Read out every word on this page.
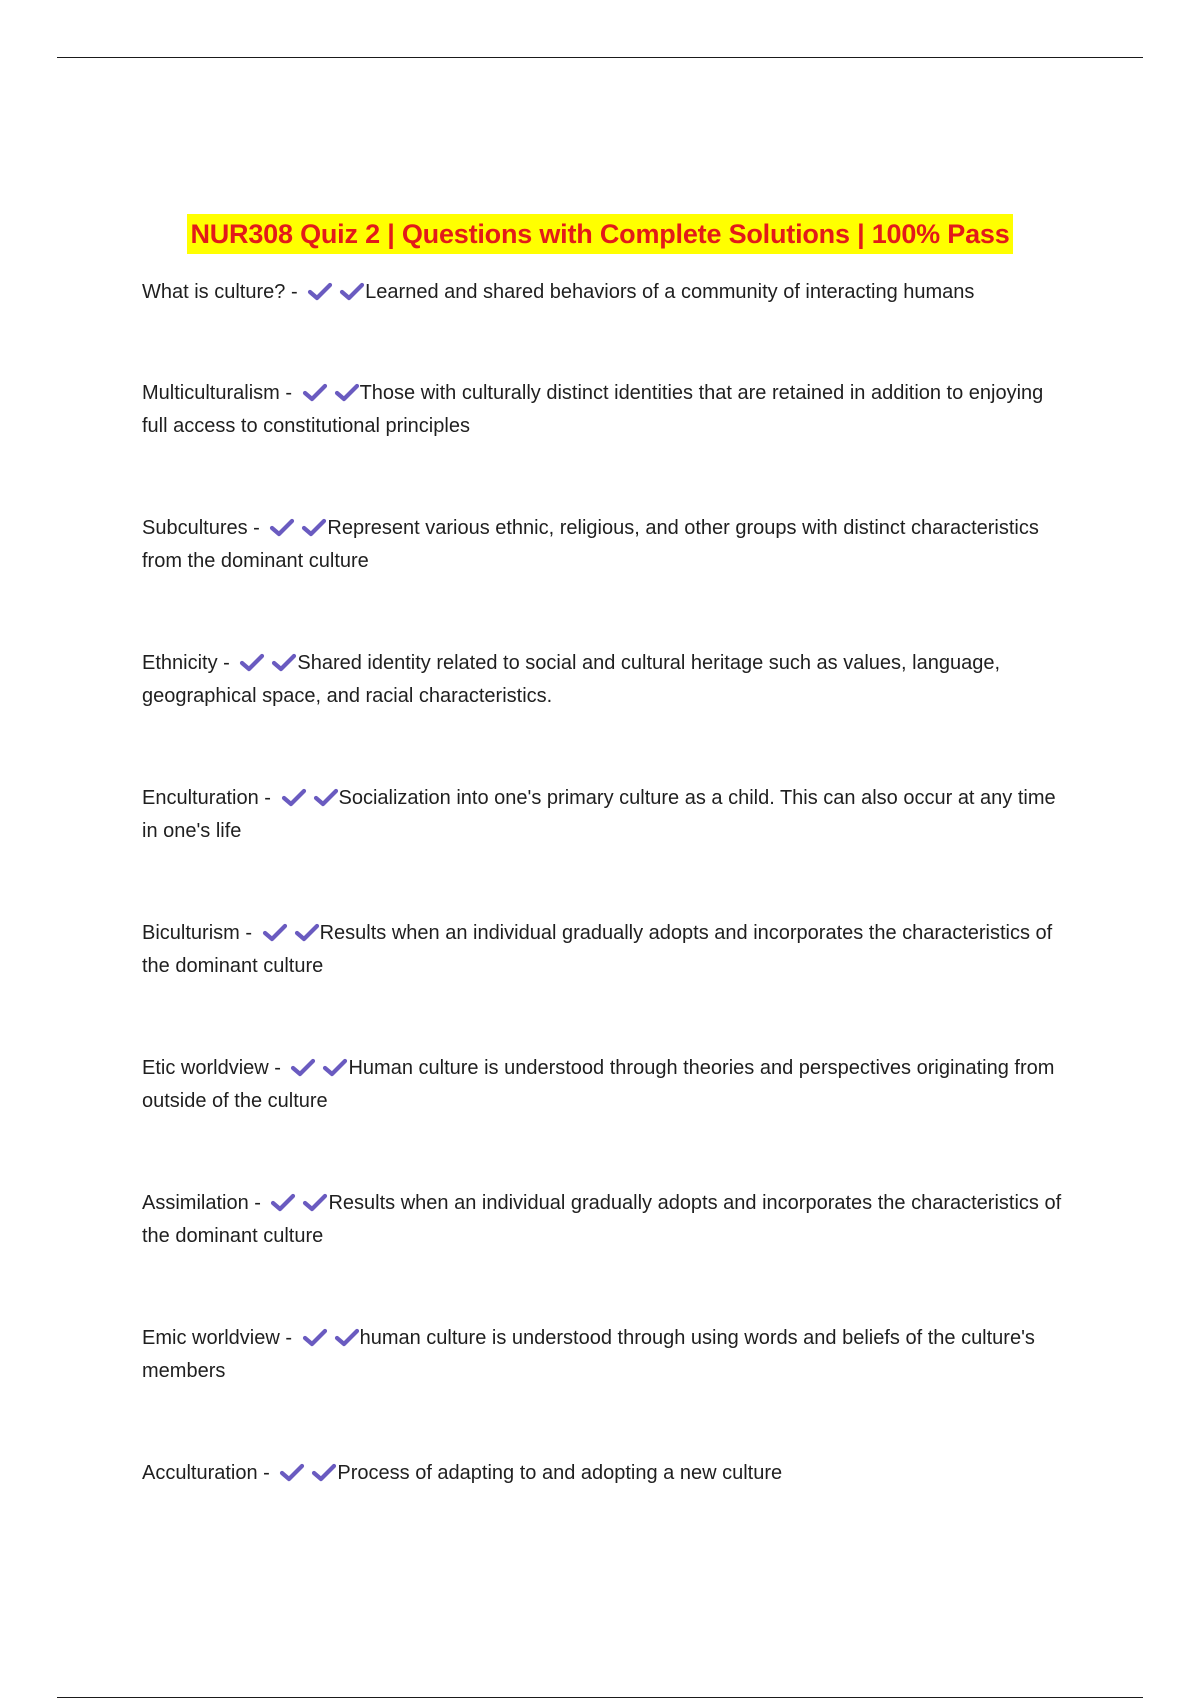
NUR308 Quiz 2 | Questions with Complete Solutions | 100% Pass
What is culture? -	Learned and shared behaviors of a community of interacting humans
Multiculturalism -	Those with culturally distinct identities that are retained in addition to enjoying full access to constitutional principles
Subcultures -	Represent various ethnic, religious, and other groups with distinct characteristics from the dominant culture
Ethnicity -	Shared identity related to social and cultural heritage such as values, language, geographical space, and racial characteristics.
Enculturation -	Socialization into one's primary culture as a child. This can also occur at any time in one's life
Biculturism -	Results when an individual gradually adopts and incorporates the characteristics of the dominant culture
Etic worldview -	Human culture is understood through theories and perspectives originating from outside of the culture
Assimilation -	Results when an individual gradually adopts and incorporates the characteristics of the dominant culture
Emic worldview -	human culture is understood through using words and beliefs of the culture's members
Acculturation -	Process of adapting to and adopting a new culture
